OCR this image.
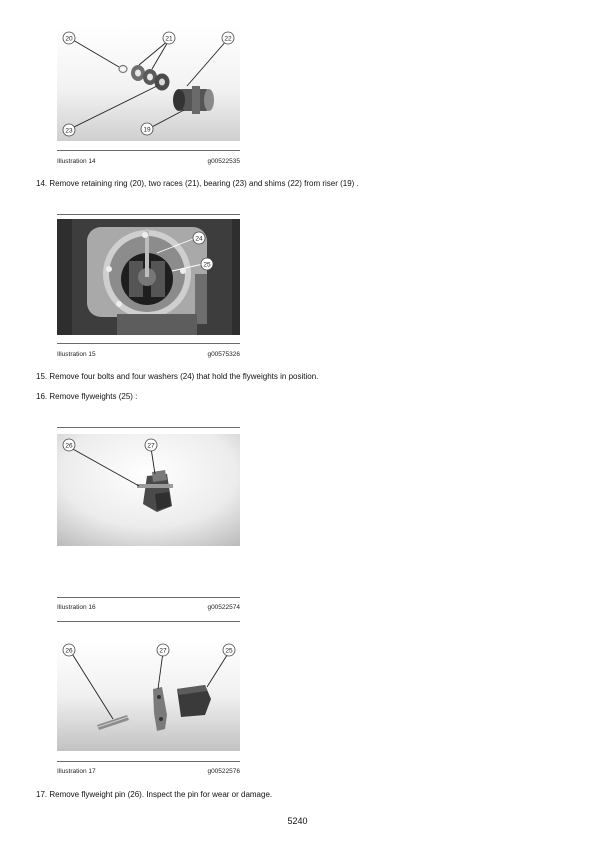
20	21	22
23	19
Illustration 14	g00522535
14. Remove retaining ring (20), two races (21), bearing (23) and shims (22) from riser (19) .
24
25
Illustration 15	g00575326
15. Remove four bolts and four washers (24) that hold the flyweights in position.
16. Remove flyweights (25) :
26	27
Illustration 16	g00522574
26	27	25
Illustration 17	g00522576
17. Remove flyweight pin (26). Inspect the pin for wear or damage.
5240
